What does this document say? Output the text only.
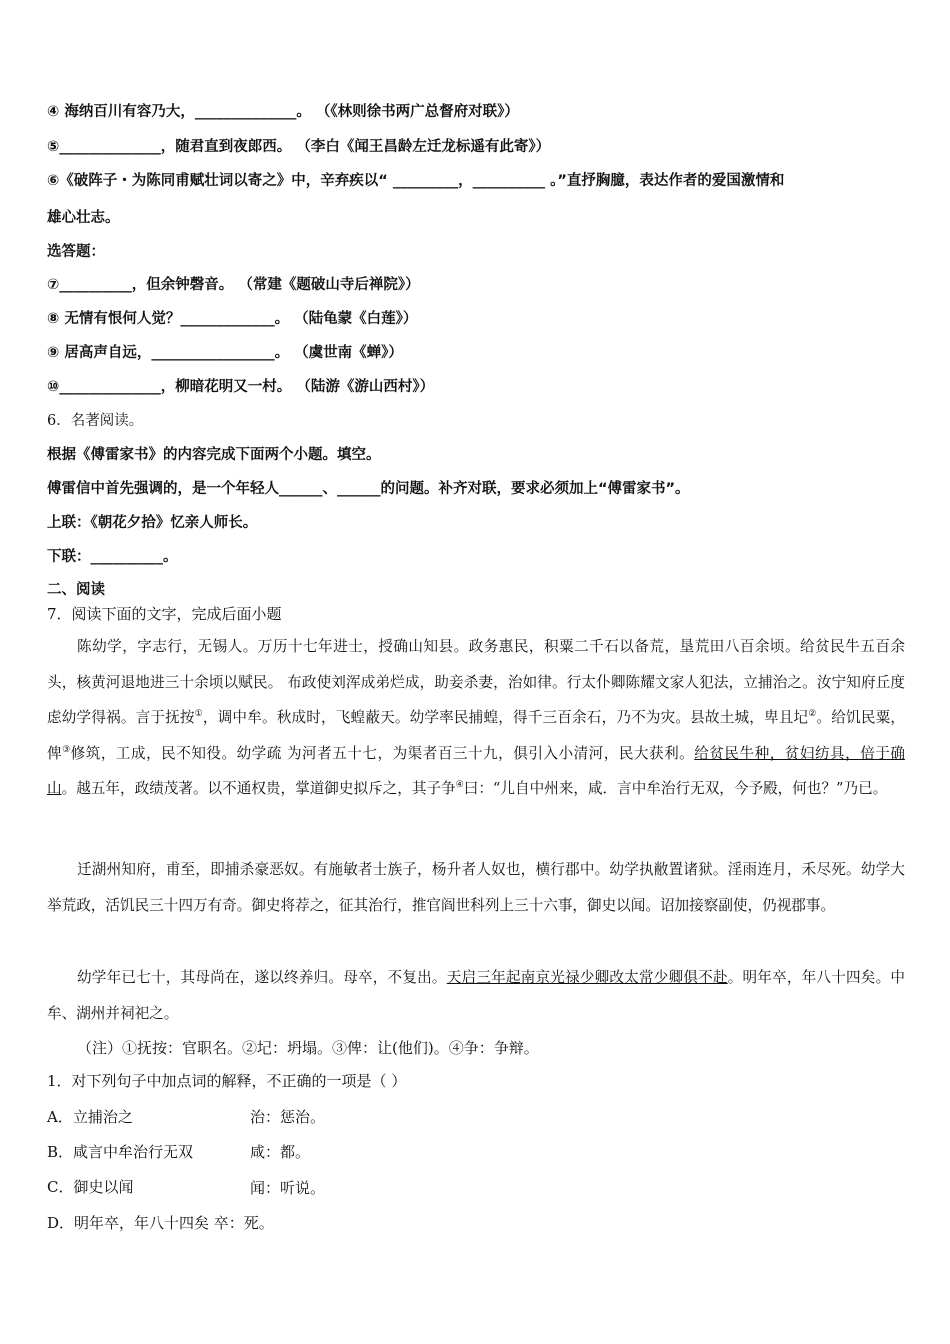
④ 海纳百川有容乃大，______________。 （《林则徐书两广总督府对联》）
⑤______________，随君直到夜郎西。 （李白《闻王昌龄左迁龙标遥有此寄》）
⑥《破阵子・为陈同甫赋壮词以寄之》中，辛弃疾以“ _________，__________ 。”直抒胸臆，表达作者的爱国激情和
雄心壮志。
选答题：
⑦__________，但余钟磬音。 （常建《题破山寺后禅院》）
⑧ 无情有恨何人觉？_____________。 （陆龟蒙《白莲》）
⑨ 居高声自远，_________________。 （虞世南《蝉》）
⑩______________，柳暗花明又一村。 （陆游《游山西村》）
6．名著阅读。
根据《傅雷家书》的内容完成下面两个小题。填空。
傅雷信中首先强调的，是一个年轻人______、______的问题。补齐对联，要求必须加上“傅雷家书”。
上联：《朝花夕拾》忆亲人师长。
下联：__________。
二、阅读
7．阅读下面的文字，完成后面小题
陈幼学，字志行，无锡人。万历十七年进士，授确山知县。政务惠民，积粟二千石以备荒，垦荒田八百余顷。给贫民牛五百余头，核黄河退地进三十余顷以赋民。 布政使刘浑成弟烂成，助妾杀妻，治如律。行太仆卿陈耀文家人犯法，立捕治之。汝宁知府丘度虑幼学得祸。言于抚按①，调中牟。秋成时，飞蝗蔽天。幼学率民捕蝗，得千三百余石，乃不为灾。县故土城，卑且圮②。给饥民粟，俾③修筑，工成，民不知役。幼学疏 为河者五十七，为渠者百三十九，俱引入小清河，民大获利。给贫民牛种，贫妇纺具，倍于确山。越五年，政绩茂著。以不通权贵，掌道御史拟斥之，其子争④曰：“儿自中州来，咸．言中牟治行无双，今予殿，何也？”乃已。
迁湖州知府，甫至，即捕杀豪恶奴。有施敏者士族子，杨升者人奴也，横行郡中。幼学执敝置诸狱。淫雨连月，禾尽死。幼学大举荒政，活饥民三十四万有奇。御史将荐之，征其治行，推官阎世科列上三十六事，御史以闻。诏加接察副使，仍视郡事。
幼学年已七十，其母尚在，遂以终养归。母卒，不复出。天启三年起南京光禄少卿改太常少卿俱不赴。明年卒，年八十四矣。中牟、湖州并祠祀之。
（注）①抚按：官职名。②圮：坍塌。③俾：让(他们)。④争：争辩。
1．对下列句子中加点词的解释，不正确的一项是（ ）
A．立捕治之	治：惩治。
B．咸言中牟治行无双	咸：都。
C．御史以闻	闻：听说。
D．明年卒，年八十四矣 卒：死。
